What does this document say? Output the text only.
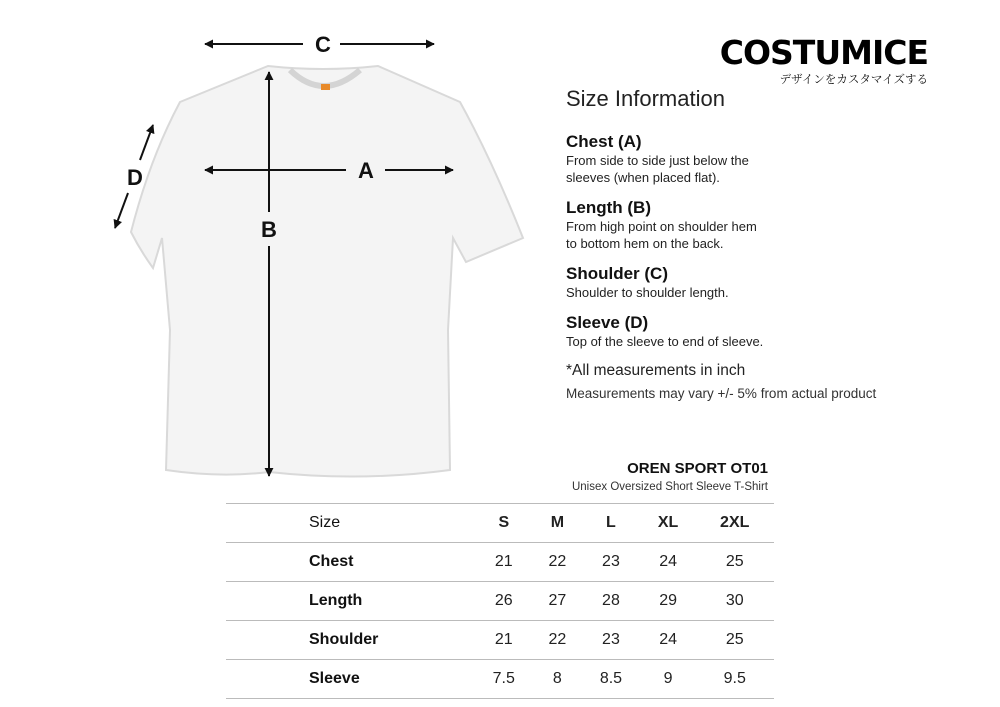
C
A
B
D
COSTUMICE
デザインをカスタマイズする
Size Information
Chest (A)
From side to side just below the
sleeves (when placed flat).
Length (B)
From high point on shoulder hem
to bottom hem on the back.
Shoulder (C)
Shoulder to shoulder length.
Sleeve (D)
Top of the sleeve to end of sleeve.
*All measurements in inch
Measurements may vary +/- 5% from actual product
OREN SPORT OT01
Unisex Oversized Short Sleeve T-Shirt
Size	S	M	L	XL	2XL
Chest	21	22	23	24	25
Length	26	27	28	29	30
Shoulder	21	22	23	24	25
Sleeve	7.5	8	8.5	9	9.5
